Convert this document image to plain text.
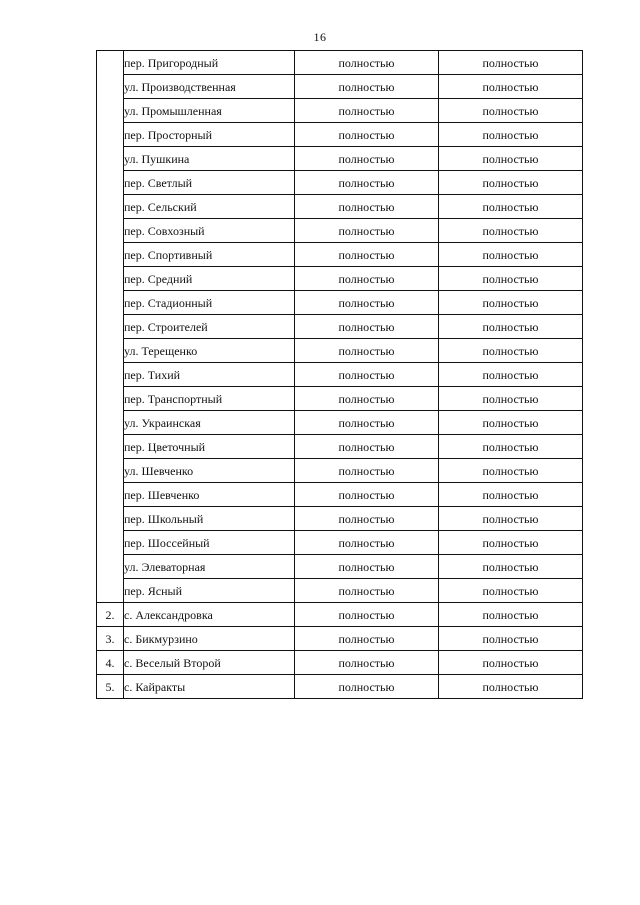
16
	пер. Пригородный	полностью	полностью
	ул. Производственная	полностью	полностью
	ул. Промышленная	полностью	полностью
	пер. Просторный	полностью	полностью
	ул. Пушкина	полностью	полностью
	пер. Светлый	полностью	полностью
	пер. Сельский	полностью	полностью
	пер. Совхозный	полностью	полностью
	пер. Спортивный	полностью	полностью
	пер. Средний	полностью	полностью
	пер. Стадионный	полностью	полностью
	пер. Строителей	полностью	полностью
	ул. Терещенко	полностью	полностью
	пер. Тихий	полностью	полностью
	пер. Транспортный	полностью	полностью
	ул. Украинская	полностью	полностью
	пер. Цветочный	полностью	полностью
	ул. Шевченко	полностью	полностью
	пер. Шевченко	полностью	полностью
	пер. Школьный	полностью	полностью
	пер. Шоссейный	полностью	полностью
	ул. Элеваторная	полностью	полностью
	пер. Ясный	полностью	полностью
2.	с. Александровка	полностью	полностью
3.	с. Бикмурзино	полностью	полностью
4.	с. Веселый Второй	полностью	полностью
5.	с. Кайракты	полностью	полностью
